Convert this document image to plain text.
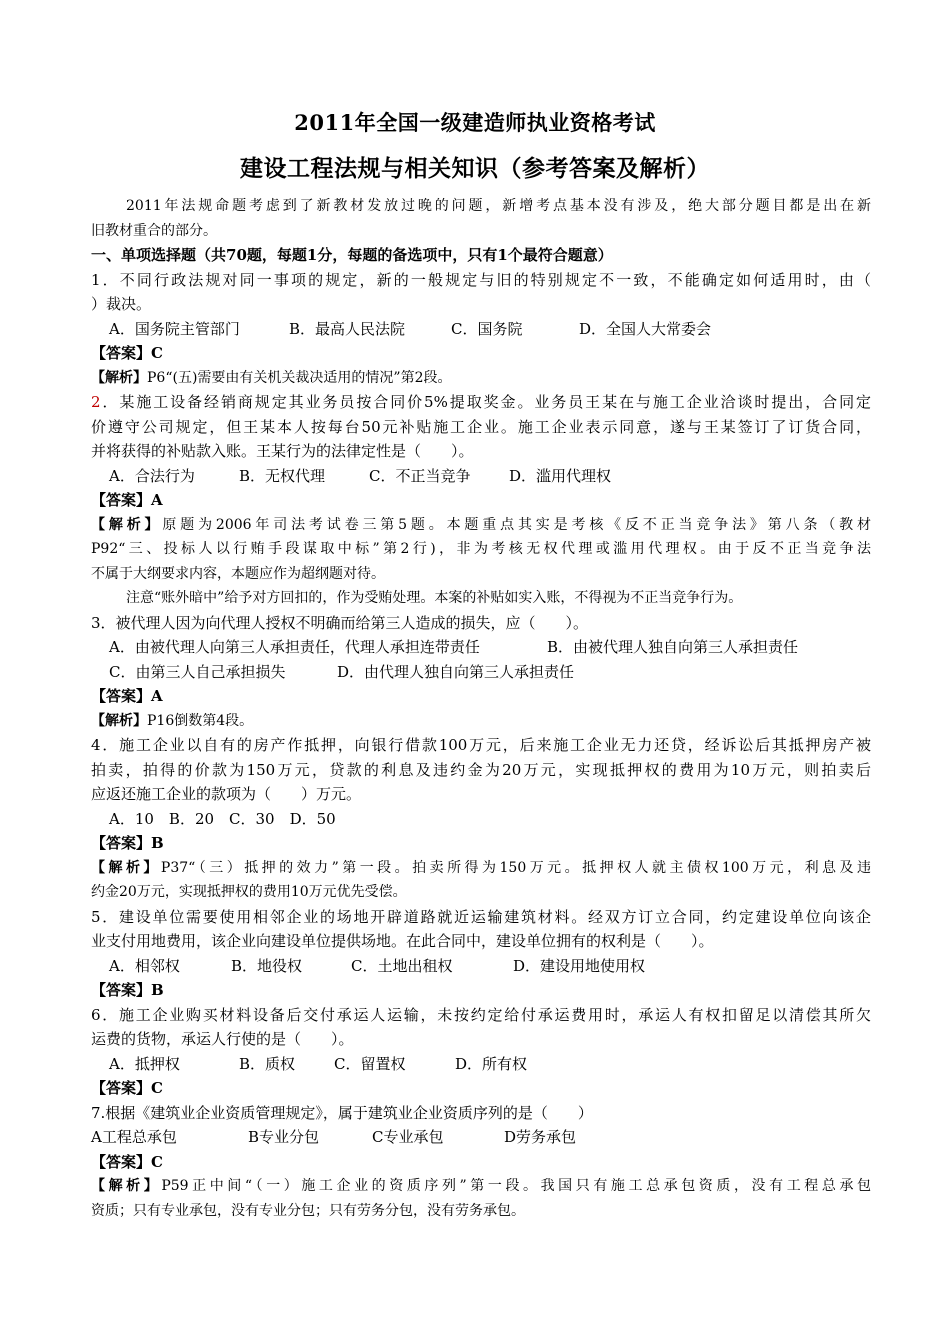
2011年全国一级建造师执业资格考试
建设工程法规与相关知识（参考答案及解析）
2011年法规命题考虑到了新教材发放过晚的问题，新增考点基本没有涉及，绝大部分题目都是出在新
旧教材重合的部分。
一、单项选择题（共70题，每题1分，每题的备选项中，只有1个最符合题意）
1．不同行政法规对同一事项的规定，新的一般规定与旧的特别规定不一致，不能确定如何适用时，由（
）裁决。
A．国务院主管部门	B．最高人民法院	C．国务院	D．全国人大常委会
【答案】C
【解析】P6“(五)需要由有关机关裁决适用的情况”第2段。
2．某施工设备经销商规定其业务员按合同价5%提取奖金。业务员王某在与施工企业洽谈时提出，合同定
价遵守公司规定，但王某本人按每台50元补贴施工企业。施工企业表示同意，遂与王某签订了订货合同，
并将获得的补贴款入账。王某行为的法律定性是（　　）。
A．合法行为	B．无权代理	C．不正当竞争	D．滥用代理权
【答案】A
【解析】原题为2006年司法考试卷三第5题。本题重点其实是考核《反不正当竞争法》第八条（教材
P92“三、投标人以行贿手段谋取中标”第2行)，非为考核无权代理或滥用代理权。由于反不正当竞争法
不属于大纲要求内容，本题应作为超纲题对待。
注意“账外暗中”给予对方回扣的，作为受贿处理。本案的补贴如实入账，不得视为不正当竞争行为。
3．被代理人因为向代理人授权不明确而给第三人造成的损失，应（　　）。
A．由被代理人向第三人承担责任，代理人承担连带责任	B．由被代理人独自向第三人承担责任
C．由第三人自己承担损失	D．由代理人独自向第三人承担责任
【答案】A
【解析】P16倒数第4段。
4．施工企业以自有的房产作抵押，向银行借款100万元，后来施工企业无力还贷，经诉讼后其抵押房产被
拍卖，拍得的价款为150万元，贷款的利息及违约金为20万元，实现抵押权的费用为10万元，则拍卖后
应返还施工企业的款项为（　　）万元。
A．10　B．20　C．30　D．50
【答案】B
【解析】P37“（三）抵押的效力”第一段。拍卖所得为150万元。抵押权人就主债权100万元，利息及违
约金20万元，实现抵押权的费用10万元优先受偿。
5．建设单位需要使用相邻企业的场地开辟道路就近运输建筑材料。经双方订立合同，约定建设单位向该企
业支付用地费用，该企业向建设单位提供场地。在此合同中，建设单位拥有的权利是（　　）。
A．相邻权	B．地役权	C．土地出租权	D．建设用地使用权
【答案】B
6．施工企业购买材料设备后交付承运人运输，未按约定给付承运费用时，承运人有权扣留足以清偿其所欠
运费的货物，承运人行使的是（　　）。
A．抵押权	B．质权	C．留置权	D．所有权
【答案】C
7.根据《建筑业企业资质管理规定》，属于建筑业企业资质序列的是（　　）
A工程总承包	B专业分包	C专业承包	D劳务承包
【答案】C
【解析】P59正中间“（一）施工企业的资质序列”第一段。我国只有施工总承包资质，没有工程总承包
资质；只有专业承包，没有专业分包；只有劳务分包，没有劳务承包。
